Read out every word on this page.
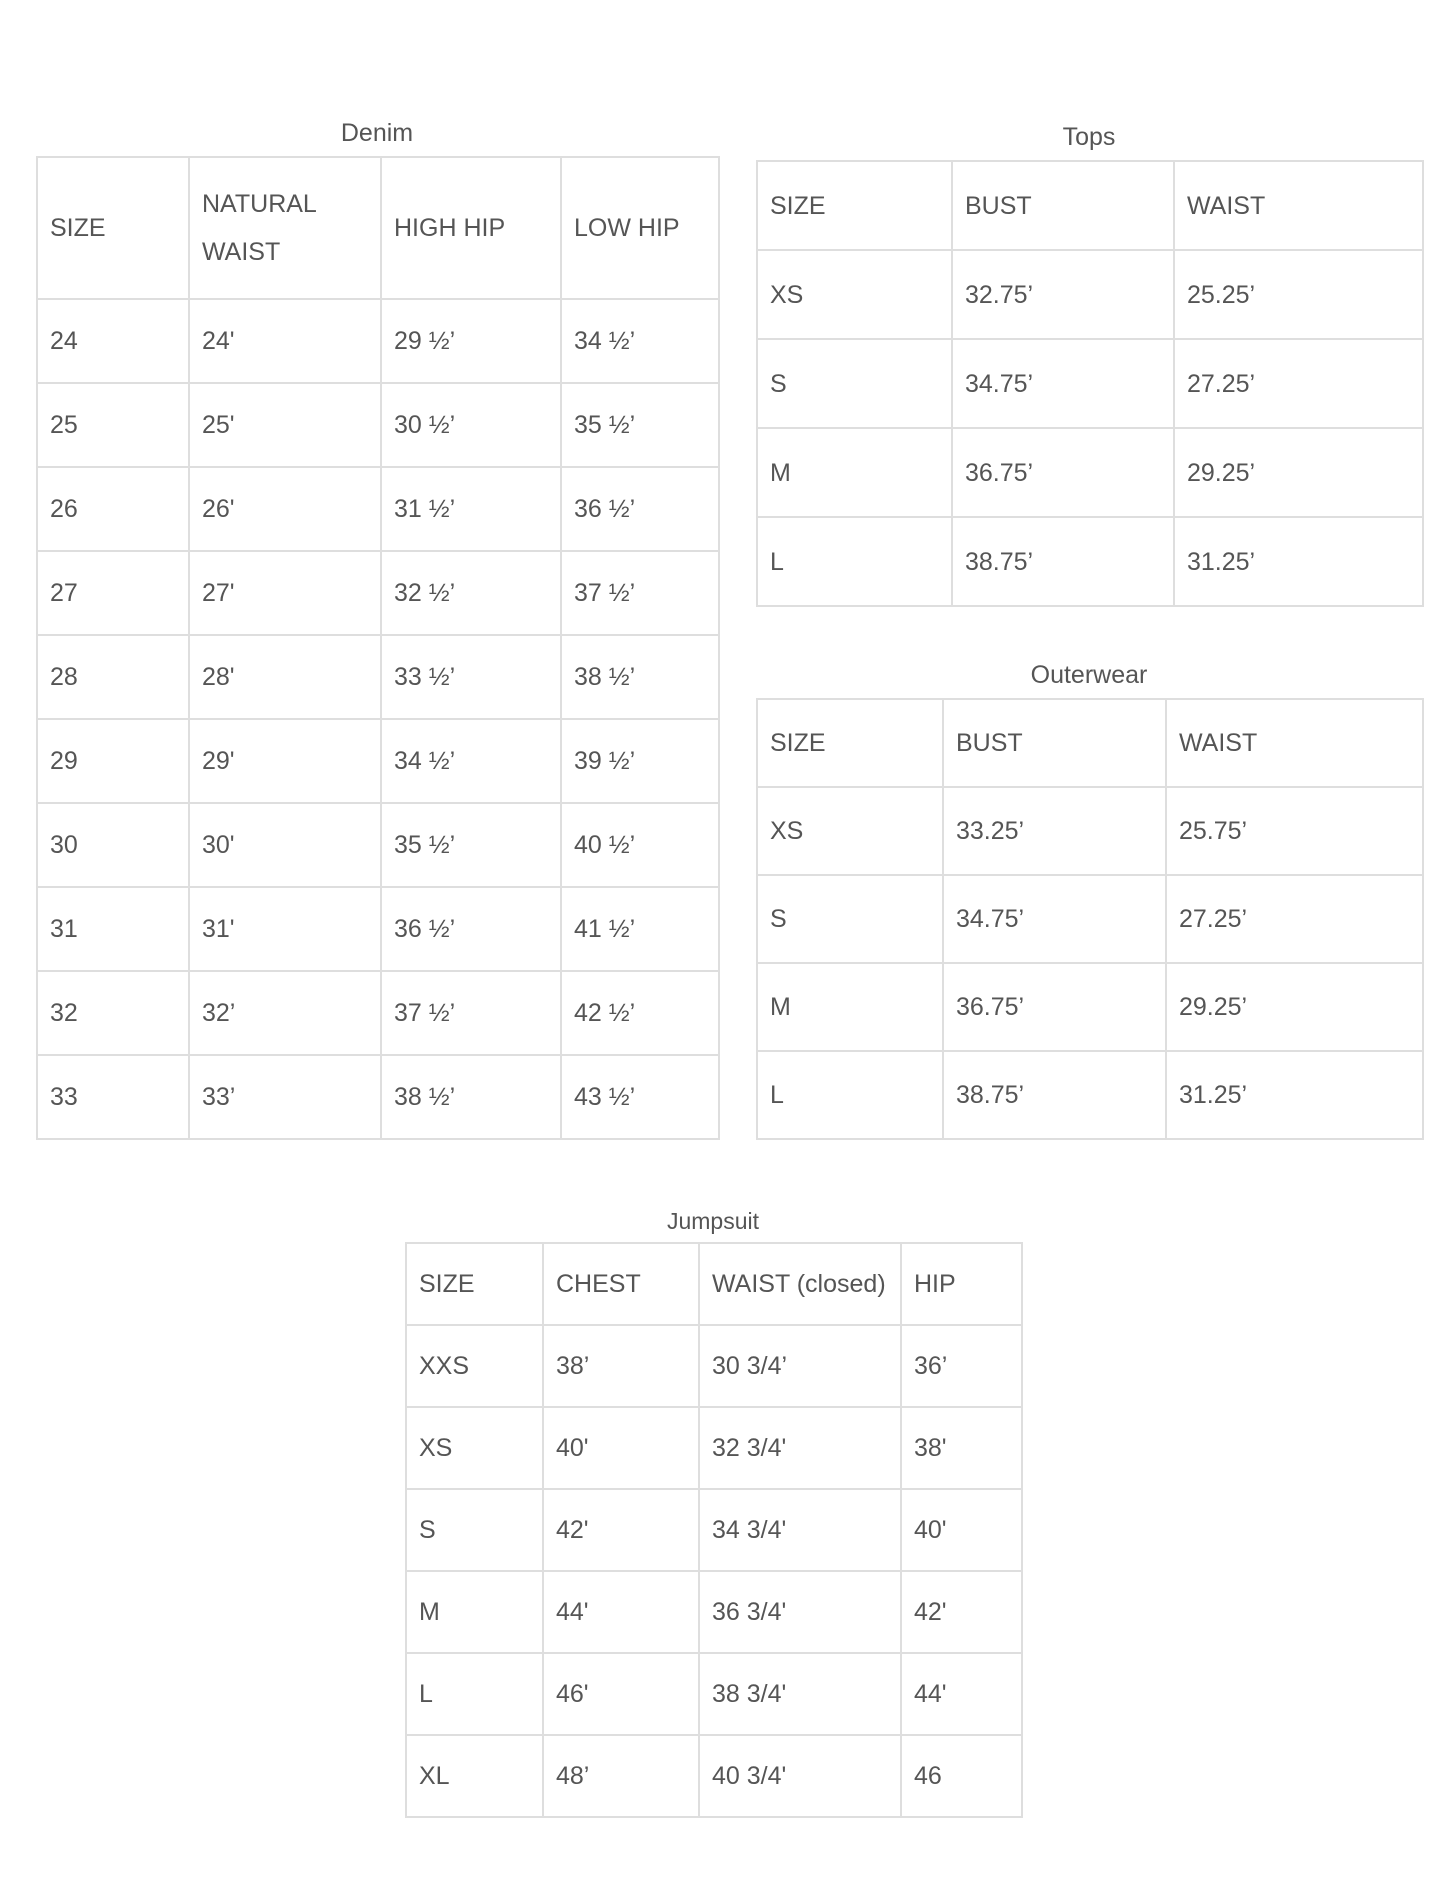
Denim
SIZE	NATURAL WAIST	HIGH HIP	LOW HIP
24	24'	29 ½’	34 ½’
25	25'	30 ½’	35 ½’
26	26'	31 ½’	36 ½’
27	27'	32 ½’	37 ½’
28	28'	33 ½’	38 ½’
29	29'	34 ½’	39 ½’
30	30'	35 ½’	40 ½’
31	31'	36 ½’	41 ½’
32	32’	37 ½’	42 ½’
33	33’	38 ½’	43 ½’
Tops
SIZE	BUST	WAIST
XS	32.75’	25.25’
S	34.75’	27.25’
M	36.75’	29.25’
L	38.75’	31.25’
Outerwear
SIZE	BUST	WAIST
XS	33.25’	25.75’
S	34.75’	27.25’
M	36.75’	29.25’
L	38.75’	31.25’
Jumpsuit
SIZE	CHEST	WAIST (closed)	HIP
XXS	38’	30 3/4’	36’
XS	40'	32 3/4'	38'
S	42'	34 3/4'	40'
M	44'	36 3/4'	42'
L	46'	38 3/4'	44'
XL	48’	40 3/4'	46
